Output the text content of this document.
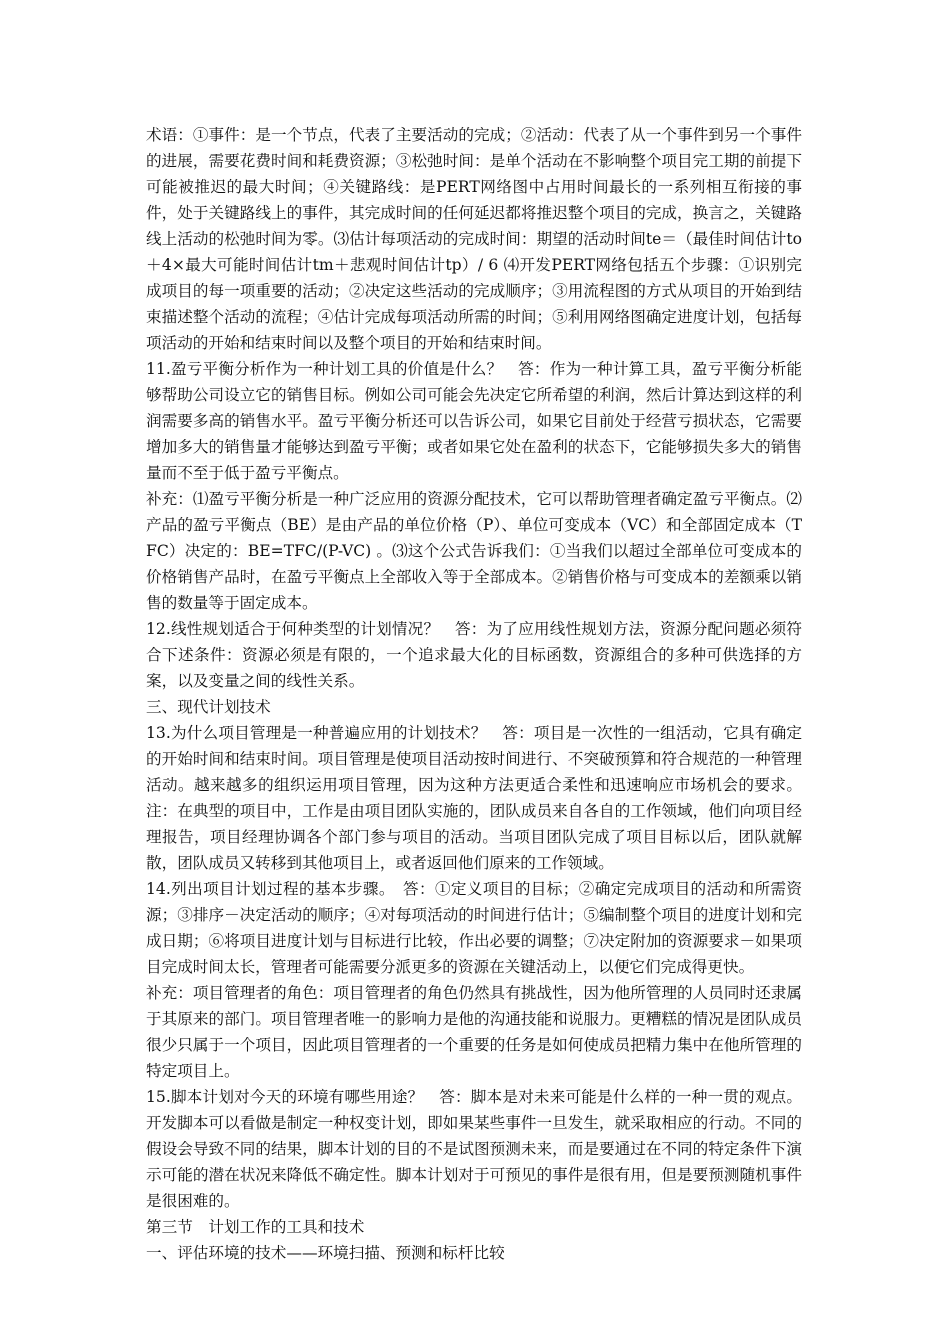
术语：①事件：是一个节点，代表了主要活动的完成；②活动：代表了从一个事件到另一个事件的进展，需要花费时间和耗费资源；③松弛时间：是单个活动在不影响整个项目完工期的前提下可能被推迟的最大时间；④关键路线：是PERT网络图中占用时间最长的一系列相互衔接的事件，处于关键路线上的事件，其完成时间的任何延迟都将推迟整个项目的完成，换言之，关键路线上活动的松弛时间为零。⑶估计每项活动的完成时间：期望的活动时间te＝（最佳时间估计to＋4×最大可能时间估计tm＋悲观时间估计tp）/ 6 ⑷开发PERT网络包括五个步骤：①识别完成项目的每一项重要的活动；②决定这些活动的完成顺序；③用流程图的方式从项目的开始到结束描述整个活动的流程；④估计完成每项活动所需的时间；⑤利用网络图确定进度计划，包括每项活动的开始和结束时间以及整个项目的开始和结束时间。

11.盈亏平衡分析作为一种计划工具的价值是什么？　答：作为一种计算工具，盈亏平衡分析能够帮助公司设立它的销售目标。例如公司可能会先决定它所希望的利润，然后计算达到这样的利润需要多高的销售水平。盈亏平衡分析还可以告诉公司，如果它目前处于经营亏损状态，它需要增加多大的销售量才能够达到盈亏平衡；或者如果它处在盈利的状态下，它能够损失多大的销售量而不至于低于盈亏平衡点。

补充：⑴盈亏平衡分析是一种广泛应用的资源分配技术，它可以帮助管理者确定盈亏平衡点。⑵产品的盈亏平衡点（BE）是由产品的单位价格（P）、单位可变成本（VC）和全部固定成本（TFC）决定的：BE=TFC/(P-VC) 。⑶这个公式告诉我们：①当我们以超过全部单位可变成本的价格销售产品时，在盈亏平衡点上全部收入等于全部成本。②销售价格与可变成本的差额乘以销售的数量等于固定成本。

12.线性规划适合于何种类型的计划情况？　答：为了应用线性规划方法，资源分配问题必须符合下述条件：资源必须是有限的，一个追求最大化的目标函数，资源组合的多种可供选择的方案，以及变量之间的线性关系。

三、现代计划技术

13.为什么项目管理是一种普遍应用的计划技术？　答：项目是一次性的一组活动，它具有确定的开始时间和结束时间。项目管理是使项目活动按时间进行、不突破预算和符合规范的一种管理活动。越来越多的组织运用项目管理，因为这种方法更适合柔性和迅速响应市场机会的要求。注：在典型的项目中，工作是由项目团队实施的，团队成员来自各自的工作领域，他们向项目经理报告，项目经理协调各个部门参与项目的活动。当项目团队完成了项目目标以后，团队就解散，团队成员又转移到其他项目上，或者返回他们原来的工作领域。

14.列出项目计划过程的基本步骤。　答：①定义项目的目标；②确定完成项目的活动和所需资源；③排序－决定活动的顺序；④对每项活动的时间进行估计；⑤编制整个项目的进度计划和完成日期；⑥将项目进度计划与目标进行比较，作出必要的调整；⑦决定附加的资源要求－如果项目完成时间太长，管理者可能需要分派更多的资源在关键活动上，以便它们完成得更快。

补充：项目管理者的角色：项目管理者的角色仍然具有挑战性，因为他所管理的人员同时还隶属于其原来的部门。项目管理者唯一的影响力是他的沟通技能和说服力。更糟糕的情况是团队成员很少只属于一个项目，因此项目管理者的一个重要的任务是如何使成员把精力集中在他所管理的特定项目上。

15.脚本计划对今天的环境有哪些用途？　答：脚本是对未来可能是什么样的一种一贯的观点。开发脚本可以看做是制定一种权变计划，即如果某些事件一旦发生，就采取相应的行动。不同的假设会导致不同的结果，脚本计划的目的不是试图预测未来，而是要通过在不同的特定条件下演示可能的潜在状况来降低不确定性。脚本计划对于可预见的事件是很有用，但是要预测随机事件是很困难的。

第三节　计划工作的工具和技术

一、评估环境的技术——环境扫描、预测和标杆比较
